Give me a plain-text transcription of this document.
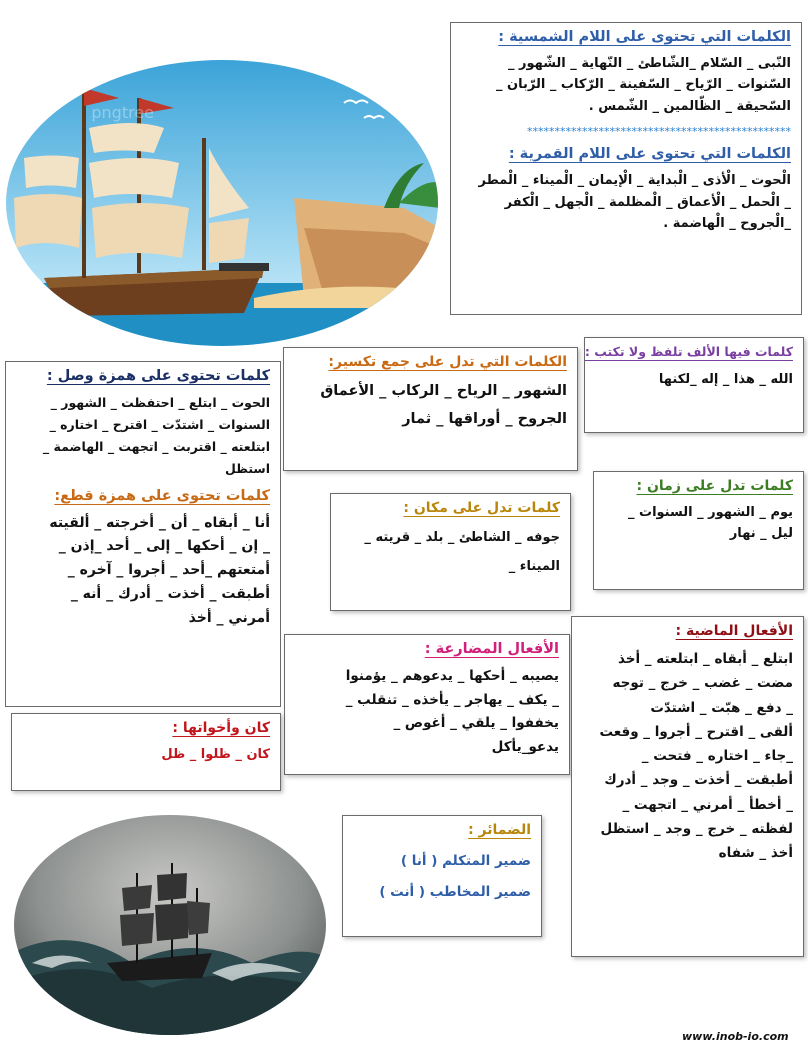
pngtree
الكلمات التي تحتوى على اللام الشمسية :
النّبى _ السّلام _الشّاطئ _ النّهاية _ الشّهور _
السّنوات _ الرّياح _ السّفينة _ الرّكاب _ الرّبان _
السّحيقة _ الظّالمين _ الشّمس .
************************************************
الكلمات التي تحتوى على اللام القمرية :
الْحوت _ الْأذى _ الْبداية _ الْإيمان _ الْميناء _ الْمطر
_ الْحمل _ الْأعماق _ الْمظلمة _ الْجهل _ الْكفر
_الْجروح _ الْهاضمة .
كلمات فيها الألف تلفظ ولا تكتب :
الله _ هذا _ إله _لكنها
الكلمات التي تدل على جمع تكسير:
الشهور _ الرياح _ الركاب _ الأعماق
الجروح _ أوراقها _ ثمار
كلمات تحتوى على همزة وصل :
الحوت _ ابتلع _ احتفظت _ الشهور _
السنوات _ اشتدّت _ اقترح _ اختاره _
ابتلعته _ اقتربت _ اتجهت _ الهاضمة _
استظل
كلمات تحتوى على همزة قطع:
أنا _ أبقاه _ أن _ أخرجته _ ألقيته
_ إن _ أحكها _ إلى _ أحد _إذن _
أمتعتهم _أحد _ أجروا _ آخره _
أطبقت _ أخذت _ أدرك _ أنه _
أمرني _ أخذ
كلمات تدل على زمان :
يوم _ الشهور _ السنوات _
ليل _ نهار
كلمات تدل على مكان :
جوفه _ الشاطئ _ بلد _ قريته _
الميناء _
الأفعال المضارعة :
يصيبه _ أحكها _ يدعوهم _ يؤمنوا
_ يكف _ يهاجر _ يأخذه _ تنقلب _
يخففوا _ يلقي _ أغوص _
يدعو_يأكل
الأفعال الماضية :
ابتلع _ أبقاه _ ابتلعته _ أخذ
مضت _ غضب _ خرج _ توجه
_ دفع _ هبّت _ اشتدّت
ألقى _ اقترح _ أجروا _ وقعت
_جاء _ اختاره _ فتحت _
أطبقت _ أخذت _ وجد _ أدرك
_ أخطأ _ أمرني _ اتجهت _
لفظته _ خرج _ وجد _ استظل
أخذ _ شفاه
كان وأخواتها :
كان _ ظلوا _ ظل
الضمائر :
ضمير المتكلم ( أنا )
ضمير المخاطب ( أنت )
www.inob-io.com
